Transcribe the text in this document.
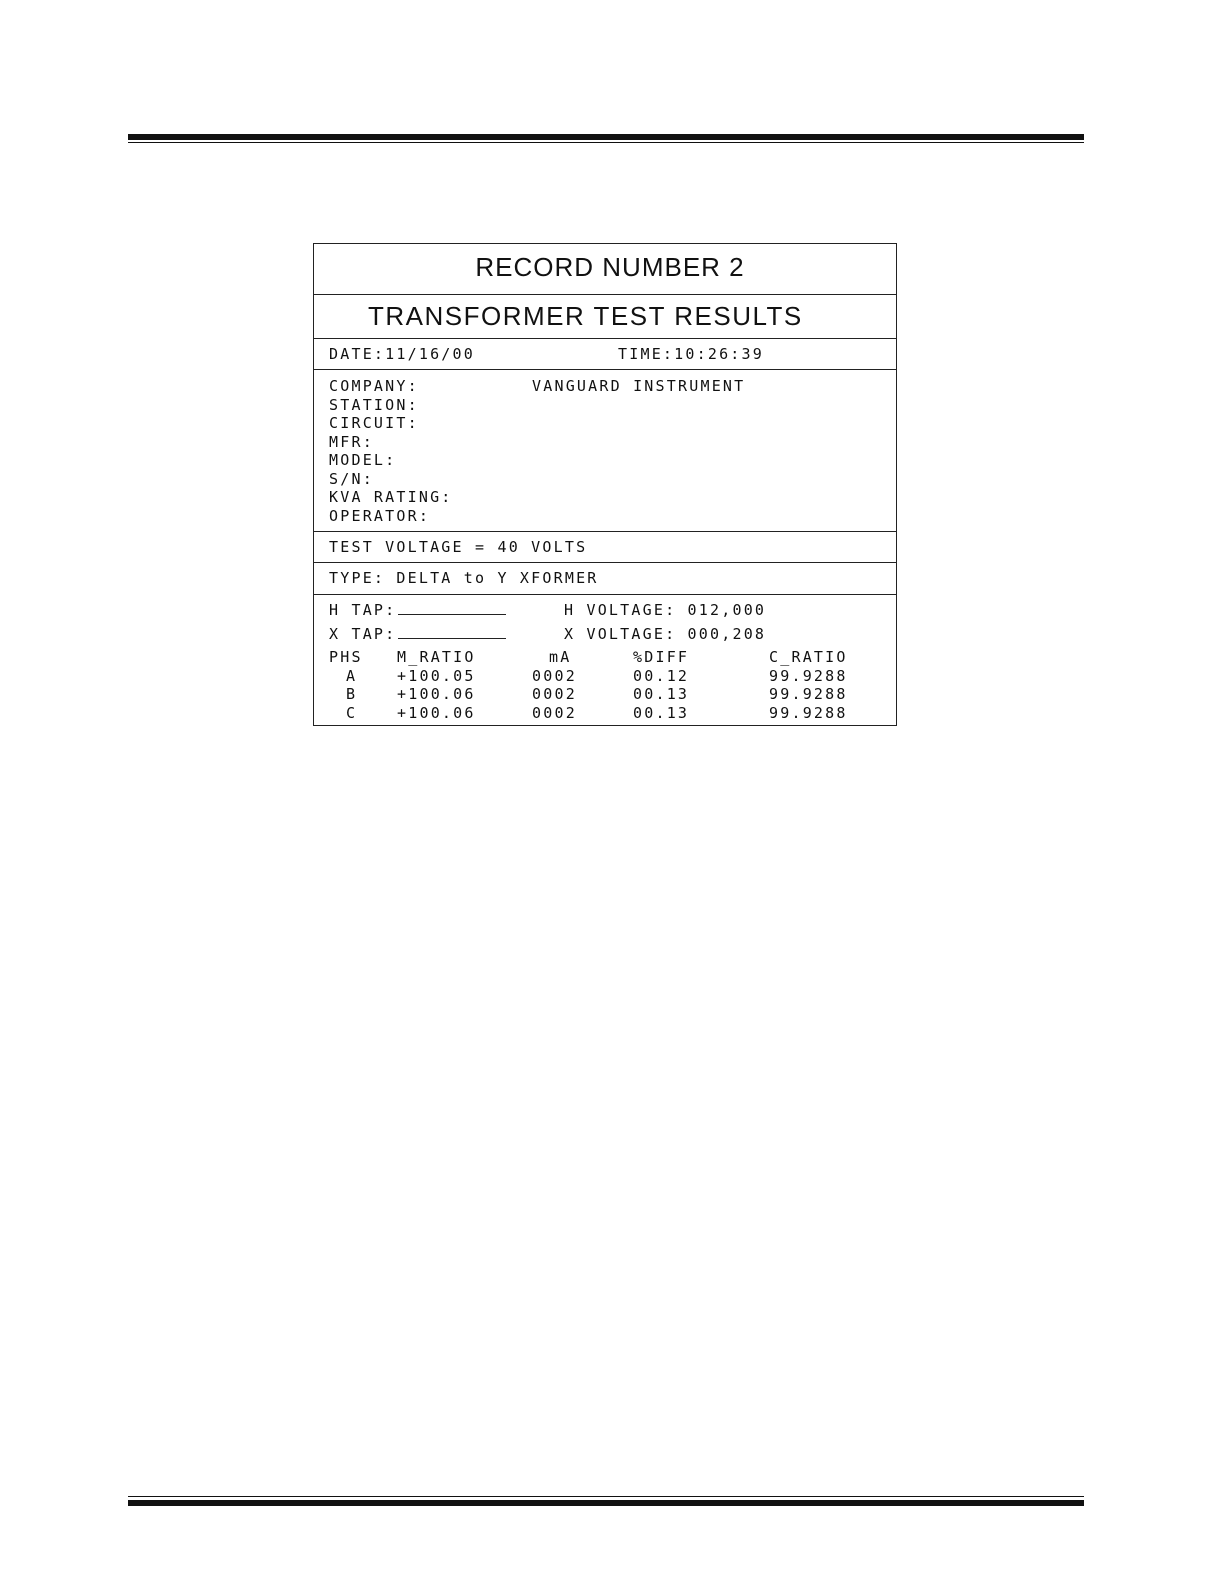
RECORD NUMBER 2
TRANSFORMER TEST RESULTS
DATE:11/16/00	TIME:10:26:39
COMPANY:	VANGUARD INSTRUMENT
STATION:
CIRCUIT:
MFR:
MODEL:
S/N:
KVA RATING:
OPERATOR:
TEST VOLTAGE = 40 VOLTS
TYPE: DELTA to Y XFORMER
H TAP:	H VOLTAGE: 012,000
X TAP:	X VOLTAGE: 000,208
PHS M_RATIO	mA	%DIFF	C_RATIO
A	+100.05	0002	00.12	99.9288
B	+100.06	0002	00.13	99.9288
C	+100.06	0002	00.13	99.9288
